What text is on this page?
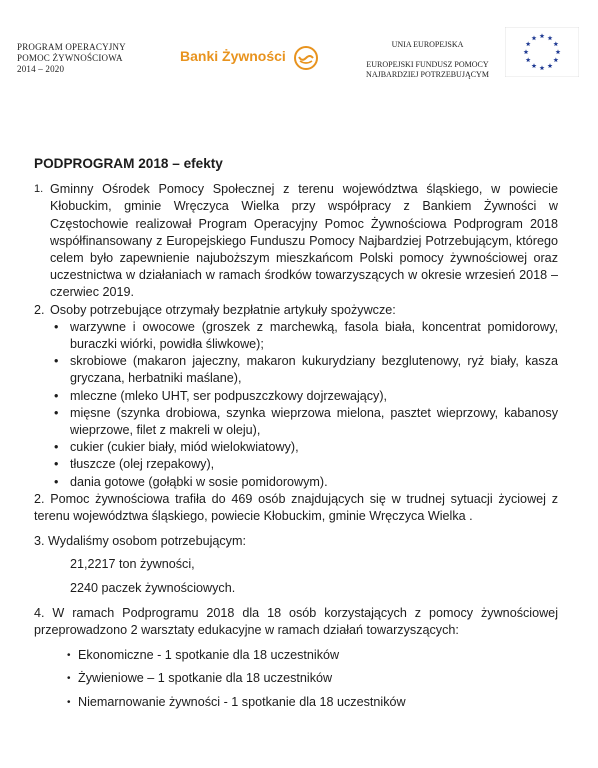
PROGRAM OPERACYJNY
POMOC ŻYWNOŚCIOWA
2014 – 2020
Banki Żywności
UNIA EUROPEJSKA
EUROPEJSKI FUNDUSZ POMOCY
NAJBARDZIEJ POTRZEBUJĄCYM
PODPROGRAM 2018 – efekty
1. Gminny Ośrodek Pomocy Społecznej z terenu województwa śląskiego, w powiecie Kłobuckim, gminie Wręczyca Wielka przy współpracy z Bankiem Żywności w Częstochowie realizował Program Operacyjny Pomoc Żywnościowa Podprogram 2018 współfinansowany z Europejskiego Funduszu Pomocy Najbardziej Potrzebującym, którego celem było zapewnienie najuboższym mieszkańcom Polski pomocy żywnościowej oraz uczestnictwa w działaniach w ramach środków towarzyszących w okresie wrzesień 2018 – czerwiec 2019.
2. Osoby potrzebujące otrzymały bezpłatnie artykuły spożywcze:
• warzywne i owocowe (groszek z marchewką, fasola biała, koncentrat pomidorowy, buraczki wiórki, powidła śliwkowe);
• skrobiowe (makaron jajeczny, makaron kukurydziany bezglutenowy, ryż biały, kasza gryczana, herbatniki maślane),
• mleczne (mleko UHT, ser podpuszczkowy dojrzewający),
• mięsne (szynka drobiowa, szynka wieprzowa mielona, pasztet wieprzowy, kabanosy wieprzowe, filet z makreli w oleju),
• cukier (cukier biały, miód wielokwiatowy),
• tłuszcze (olej rzepakowy),
• dania gotowe (gołąbki w sosie pomidorowym).
2. Pomoc żywnościowa trafiła do 469 osób znajdujących się w trudnej sytuacji życiowej z terenu województwa śląskiego, powiecie Kłobuckim, gminie Wręczyca Wielka .
3. Wydaliśmy osobom potrzebującym:
21,2217 ton żywności,
2240 paczek żywnościowych.
4. W ramach Podprogramu 2018 dla 18 osób korzystających z pomocy żywnościowej przeprowadzono 2 warsztaty edukacyjne w ramach działań towarzyszących:
• Ekonomiczne - 1 spotkanie dla 18 uczestników
• Żywieniowe – 1 spotkanie dla 18 uczestników
• Niemarnowanie żywności - 1 spotkanie dla 18 uczestników
